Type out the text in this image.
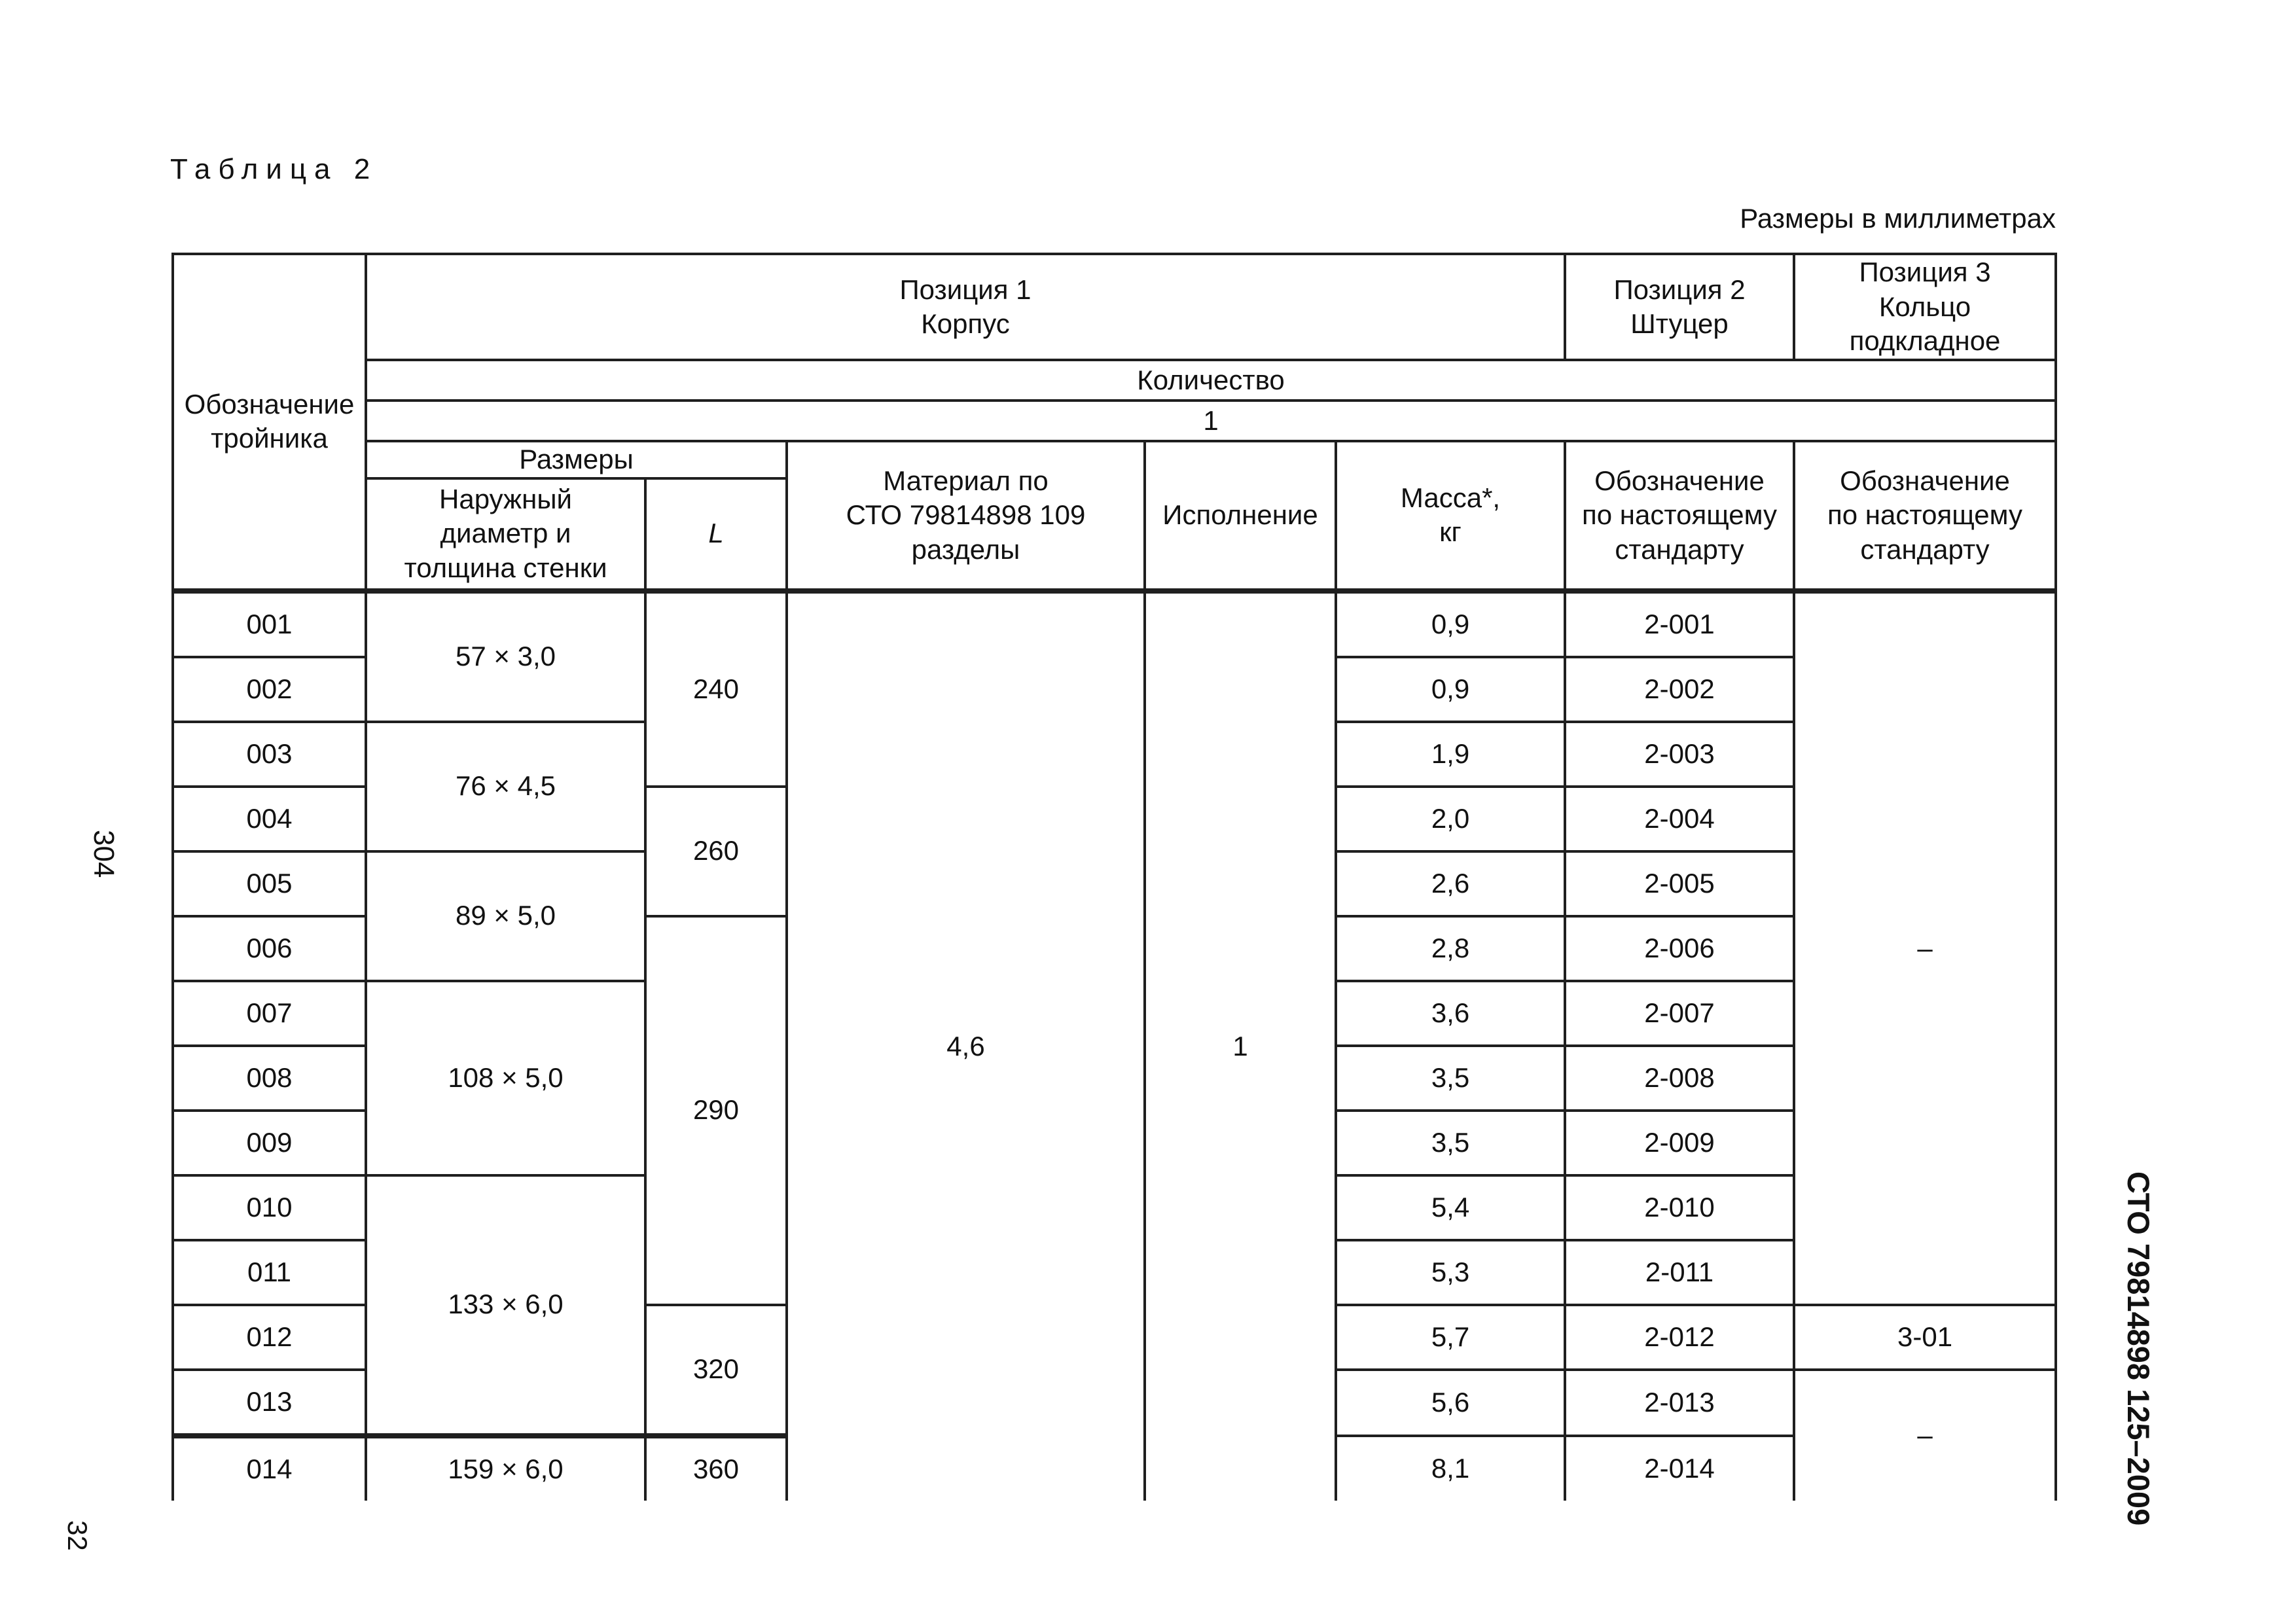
Таблица 2
Размеры в миллиметрах
304
СТО 79814898 125–2009
32
Обозначение
тройника	Позиция 1
Корпус					Позиция 2
Штуцер	Позиция 3
Кольцо
подкладное
	Количество						
	1						
	Размеры		Материал по
СТО 79814898 109
разделы	Исполнение	Масса*,
кг	Обозначение
по настоящему
стандарту	Обозначение
по настоящему
стандарту
	Наружный
диаметр и
толщина стенки	L					
001	57 × 3,0	240	4,6	1	0,9	2-001	–
002					0,9	2-002	
003	76 × 4,5				1,9	2-003	
004		260			2,0	2-004	
005	89 × 5,0				2,6	2-005	
006		290			2,8	2-006	
007	108 × 5,0				3,6	2-007	
008					3,5	2-008	
009					3,5	2-009	
010	133 × 6,0				5,4	2-010	
011					5,3	2-011	
012		320			5,7	2-012	3-01
013					5,6	2-013	–
014	159 × 6,0	360			8,1	2-014	
